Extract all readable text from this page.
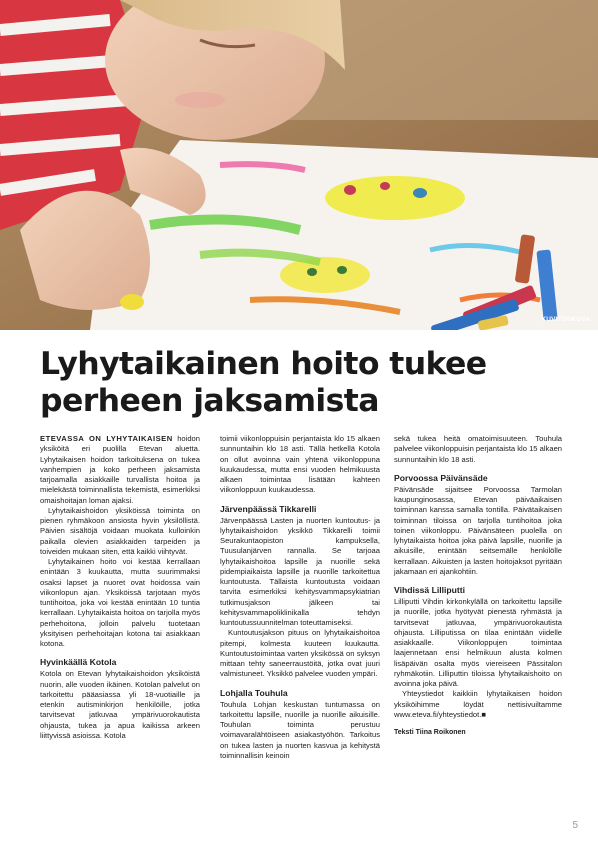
KUVITUSKUVA.
Lyhytaikainen hoito tukee
perheen jaksamista

ETEVASSA ON LYHYTAIKAISEN hoidon yksiköitä eri puolilla Etevan aluetta. Lyhytaikaisen hoidon tarkoituksena on tukea vanhempien ja koko perheen jaksamista tarjoamalla asiakkaille turvallista hoitoa ja mielekästä toiminnallista tekemistä, esimerkiksi omaishoitajan loman ajaksi.

Lyhytaikaishoidon yksiköissä toiminta on pienen ryhmäkoon ansiosta hyvin yksilöllistä. Päivien sisältöjä voidaan muokata kulloinkin paikalla olevien asiakkaiden tarpeiden ja toiveiden mukaan siten, että kaikki viihtyvät.

Lyhytaikainen hoito voi kestää kerrallaan enintään 3 kuukautta, mutta suurimmaksi osaksi lapset ja nuoret ovat hoidossa vain viikonlopun ajan. Yksiköissä tarjotaan myös tuntihoitoa, joka voi kestää enintään 10 tuntia kerrallaan. Lyhytaikaista hoitoa on tarjolla myös perhehoitona, jolloin palvelu tuotetaan yksityisen perhehoitajan kotona tai asiakkaan kotona.

Hyvinkäällä Kotola

Kotola on Etevan lyhytaikaishoidon yksiköistä nuorin, alle vuoden ikäinen. Kotolan palvelut on tarkoitettu pääasiassa yli 18-vuotiaille ja etenkin autisminkirjon henkilöille, jotka tarvitsevat jatkuvaa ympärivuorokautista ohjausta, tukea ja apua kaikissa arkeen liittyvissä asioissa. Kotola

toimii viikonloppuisin perjantaista klo 15 alkaen sunnuntaihin klo 18 asti. Tällä hetkellä Kotola on ollut avoinna vain yhtenä viikonloppuna kuukaudessa, mutta ensi vuoden helmikuusta alkaen toimintaa lisätään kahteen viikonloppuun kuukaudessa.

Järvenpäässä Tikkarelli

Järvenpäässä Lasten ja nuorten kuntoutus- ja lyhytaikaishoidon yksikkö Tikkarelli toimii Seurakuntaopiston kampuksella, Tuusulanjärven rannalla. Se tarjoaa lyhytaikaishoitoa lapsille ja nuorille sekä pidempiaikaista lapsille ja nuorille tarkoitettua kuntoutusta. Tällaista kuntoutusta voidaan tarvita esimerkiksi kehitysvammapsykiatrian tutkimusjakson jälkeen tai kehitysvammapoliklinikalla tehdyn kuntoutussuunnitelman toteuttamiseksi.

Kuntoutusjakson pituus on lyhytaikaishoitoa pitempi, kolmesta kuuteen kuukautta. Kuntoutustoimintaa varten yksikössä on syksyn mittaan tehty saneerraustöitä, jotka ovat juuri valmistuneet. Yksikkö palvelee vuoden ympäri.

Lohjalla Touhula

Touhula Lohjan keskustan tuntumassa on tarkoitettu lapsille, nuorille ja nuorille aikuisille. Touhulan toiminta perustuu voimavaralähtöiseen asiakastyöhön. Tarkoitus on tukea lasten ja nuorten kasvua ja kehitystä toiminnallisin keinoin

sekä tukea heitä omatoimisuuteen. Touhula palvelee viikonloppuisin perjantaista klo 15 alkaen sunnuntaihin klo 18 asti.

Porvoossa Päivänsäde

Päivänsäde sijaitsee Porvoossa Tarmolan kaupunginosassa, Etevan päiväaikaisen toiminnan kanssa samalla tontilla. Päivätaikaisen toiminnan tiloissa on tarjolla tuntihoitoa joka toinen viikonloppu. Päivänsäteen puolella on lyhytaikaista hoitoa joka päivä lapsille, nuorille ja aikuisille, enintään seitsemälle henkilölle kerrallaan. Aikuisten ja lasten hoitojaksot pyritään jakamaan eri ajankohtiin.

Vihdissä Lilliputti

Lilliputti Vihdin kirkonkylällä on tarkoitettu lapsille ja nuorille, jotka hyötyvät pienestä ryhmästä ja tarvitsevat jatkuvaa, ympärivuorokautista ohjausta. Lilliputissa on tilaa enintään viidelle asiakkaalle. Viikonloppujen toimintaa laajennetaan ensi helmikuun alusta kolmen lisäpäivän osalta myös viereiseen Pässitalon ryhmäkotiin. Lilliputtin tiloissa lyhytaikaishoito on avoinna joka päivä.

Yhteystiedot kaikkiin lyhytaikaisen hoidon yksiköihimme löydät nettisivuiltamme www.eteva.fi/yhteystiedot.■

Teksti Tiina Roikonen
5
